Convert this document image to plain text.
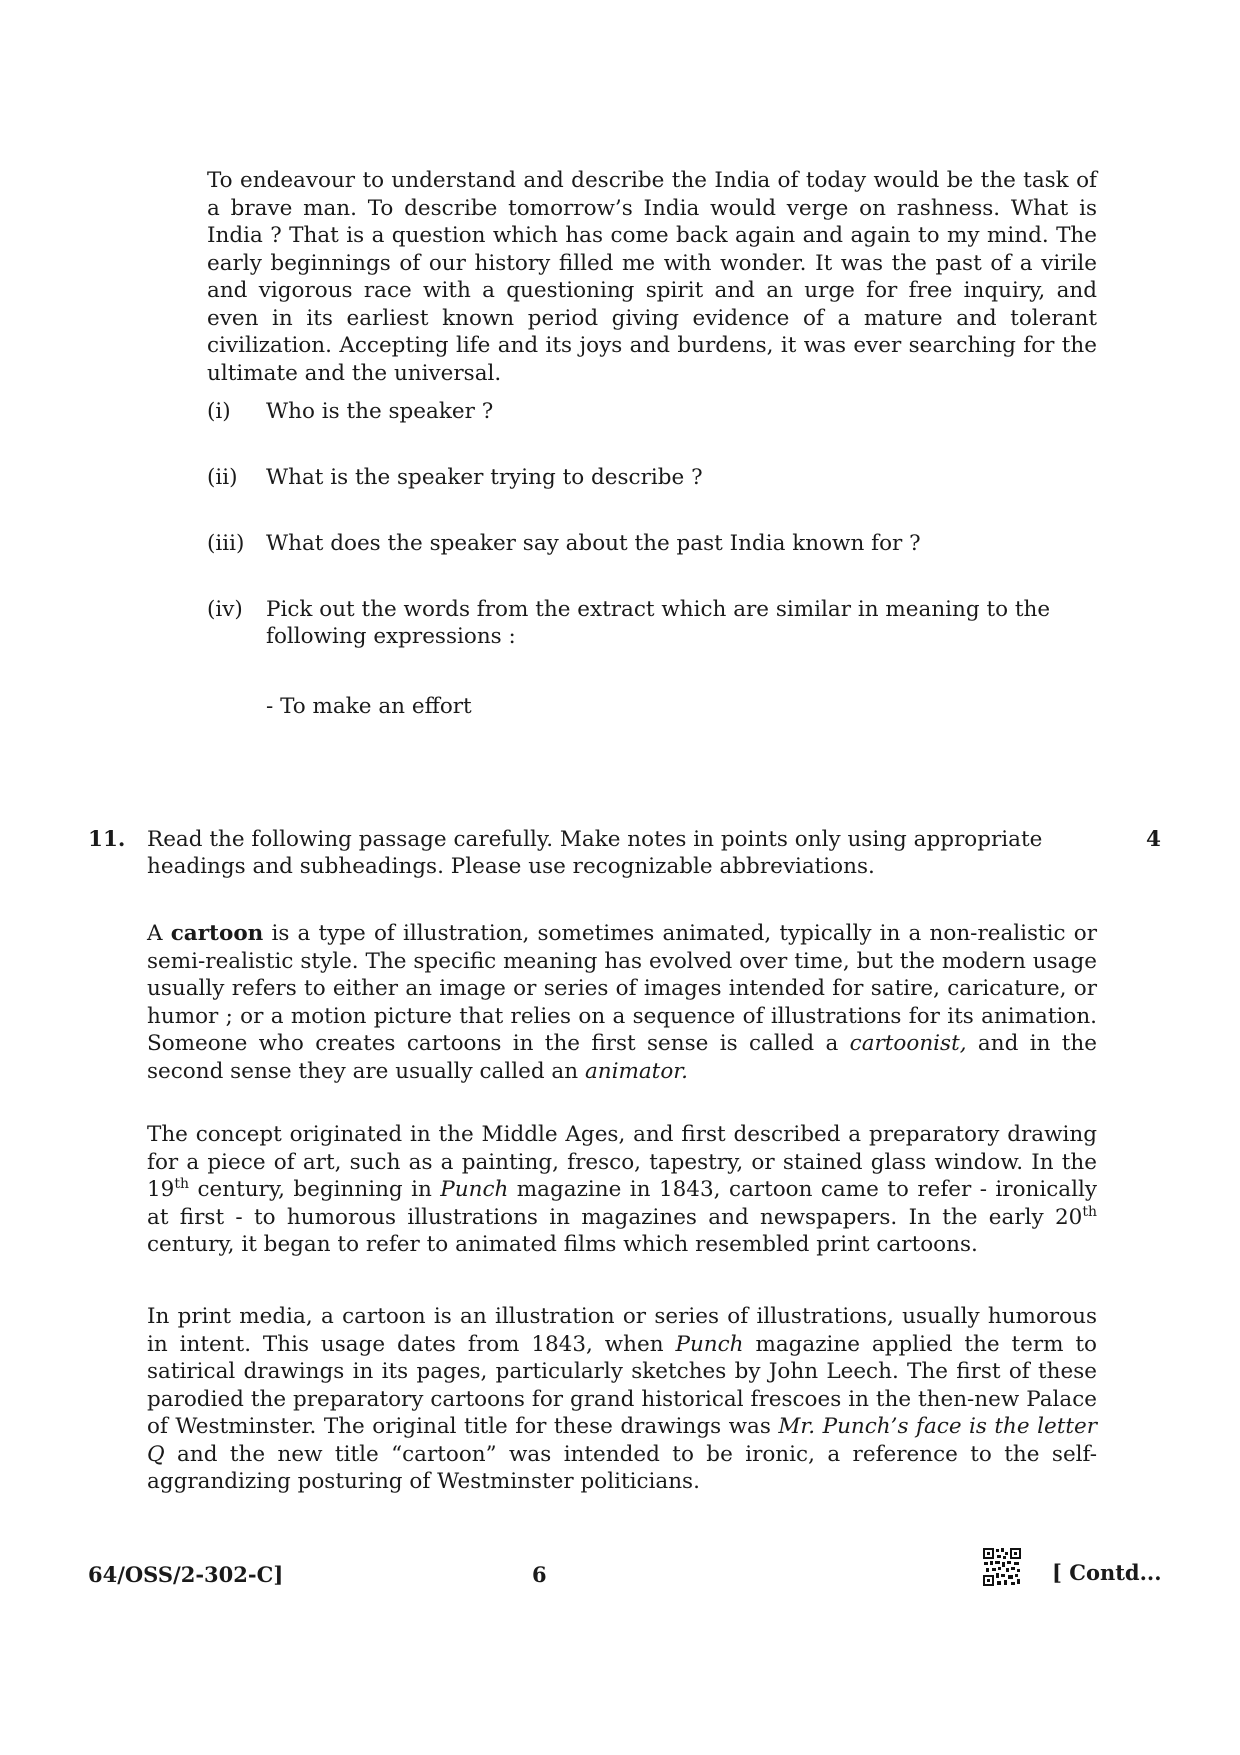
To endeavour to understand and describe the India of today would be the task of a brave man. To describe tomorrow’s India would verge on rashness. What is India ? That is a question which has come back again and again to my mind. The early beginnings of our history filled me with wonder. It was the past of a virile and vigorous race with a questioning spirit and an urge for free inquiry, and even in its earliest known period giving evidence of a mature and tolerant civilization. Accepting life and its joys and burdens, it was ever searching for the ultimate and the universal.

(i) Who is the speaker ?
(ii) What is the speaker trying to describe ?
(iii) What does the speaker say about the past India known for ?
(iv) Pick out the words from the extract which are similar in meaning to the following expressions :
- To make an effort
11. Read the following passage carefully. Make notes in points only using appropriate headings and subheadings. Please use recognizable abbreviations.

4

A cartoon is a type of illustration, sometimes animated, typically in a non-realistic or semi-realistic style. The specific meaning has evolved over time, but the modern usage usually refers to either an image or series of images intended for satire, caricature, or humor ; or a motion picture that relies on a sequence of illustrations for its animation. Someone who creates cartoons in the first sense is called a cartoonist, and in the second sense they are usually called an animator.

The concept originated in the Middle Ages, and first described a preparatory drawing for a piece of art, such as a painting, fresco, tapestry, or stained glass window. In the 19th century, beginning in Punch magazine in 1843, cartoon came to refer - ironically at first - to humorous illustrations in magazines and newspapers. In the early 20th century, it began to refer to animated films which resembled print cartoons.

In print media, a cartoon is an illustration or series of illustrations, usually humorous in intent. This usage dates from 1843, when Punch magazine applied the term to satirical drawings in its pages, particularly sketches by John Leech. The first of these parodied the preparatory cartoons for grand historical frescoes in the then-new Palace of Westminster. The original title for these drawings was Mr. Punch’s face is the letter Q and the new title “cartoon” was intended to be ironic, a reference to the self-aggrandizing posturing of Westminster politicians.

64/OSS/2-302-C]	6	[ Contd...
